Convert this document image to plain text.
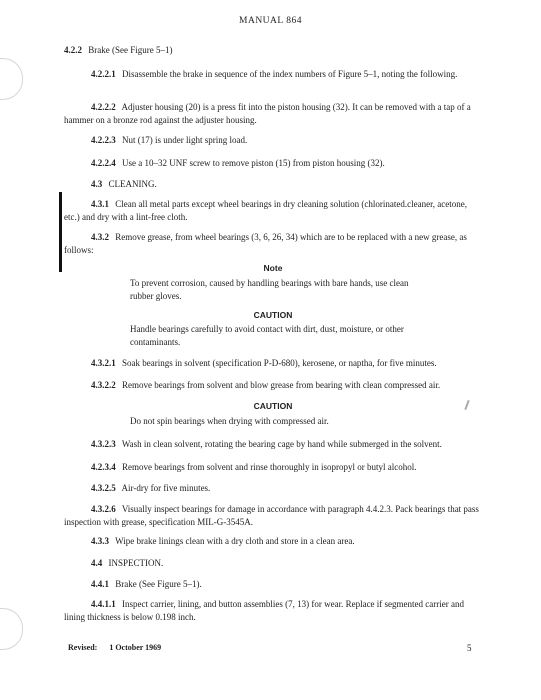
MANUAL 864
4.2.2 Brake (See Figure 5–1)
4.2.2.1 Disassemble the brake in sequence of the index numbers of Figure 5–1, noting the following.
4.2.2.2 Adjuster housing (20) is a press fit into the piston housing (32). It can be removed with a tap of a hammer on a bronze rod against the adjuster housing.
4.2.2.3 Nut (17) is under light spring load.
4.2.2.4 Use a 10–32 UNF screw to remove piston (15) from piston housing (32).
4.3 CLEANING.
4.3.1 Clean all metal parts except wheel bearings in dry cleaning solution (chlorinated.cleaner, acetone, etc.) and dry with a lint-free cloth.
4.3.2 Remove grease, from wheel bearings (3, 6, 26, 34) which are to be replaced with a new grease, as follows:
Note
To prevent corrosion, caused by handling bearings with bare hands, use clean rubber gloves.
CAUTION
Handle bearings carefully to avoid contact with dirt, dust, moisture, or other contaminants.
4.3.2.1 Soak bearings in solvent (specification P-D-680), kerosene, or naptha, for five minutes.
4.3.2.2 Remove bearings from solvent and blow grease from bearing with clean compressed air.
CAUTION
Do not spin bearings when drying with compressed air.
4.3.2.3 Wash in clean solvent, rotating the bearing cage by hand while submerged in the solvent.
4.2.3.4 Remove bearings from solvent and rinse thoroughly in isopropyl or butyl alcohol.
4.3.2.5 Air-dry for five minutes.
4.3.2.6 Visually inspect bearings for damage in accordance with paragraph 4.4.2.3. Pack bearings that pass inspection with grease, specification MIL-G-3545A.
4.3.3 Wipe brake linings clean with a dry cloth and store in a clean area.
4.4 INSPECTION.
4.4.1 Brake (See Figure 5–1).
4.4.1.1 Inspect carrier, lining, and button assemblies (7, 13) for wear. Replace if segmented carrier and lining thickness is below 0.198 inch.
Revised: 1 October 1969	5
